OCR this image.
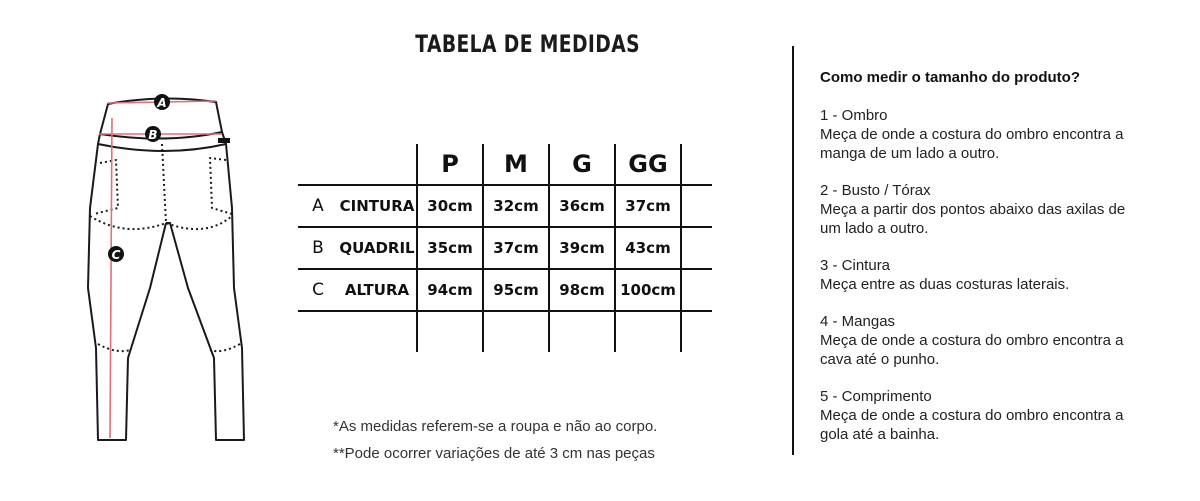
TABELA DE MEDIDAS
A
B
C
		P	M	G	GG	
A	CINTURA	30cm	32cm	36cm	37cm	
B	QUADRIL	35cm	37cm	39cm	43cm	
C	ALTURA	94cm	95cm	98cm	100cm	

*As medidas referem-se a roupa e não ao corpo.
**Pode ocorrer variações de até 3 cm nas peças
Como medir o tamanho do produto?
1 - Ombro
Meça de onde a costura do ombro encontra a
manga de um lado a outro.
2 - Busto / Tórax
Meça a partir dos pontos abaixo das axilas de
um lado a outro.
3 - Cintura
Meça entre as duas costuras laterais.
4 - Mangas
Meça de onde a costura do ombro encontra a
cava até o punho.
5 - Comprimento
Meça de onde a costura do ombro encontra a
gola até a bainha.
